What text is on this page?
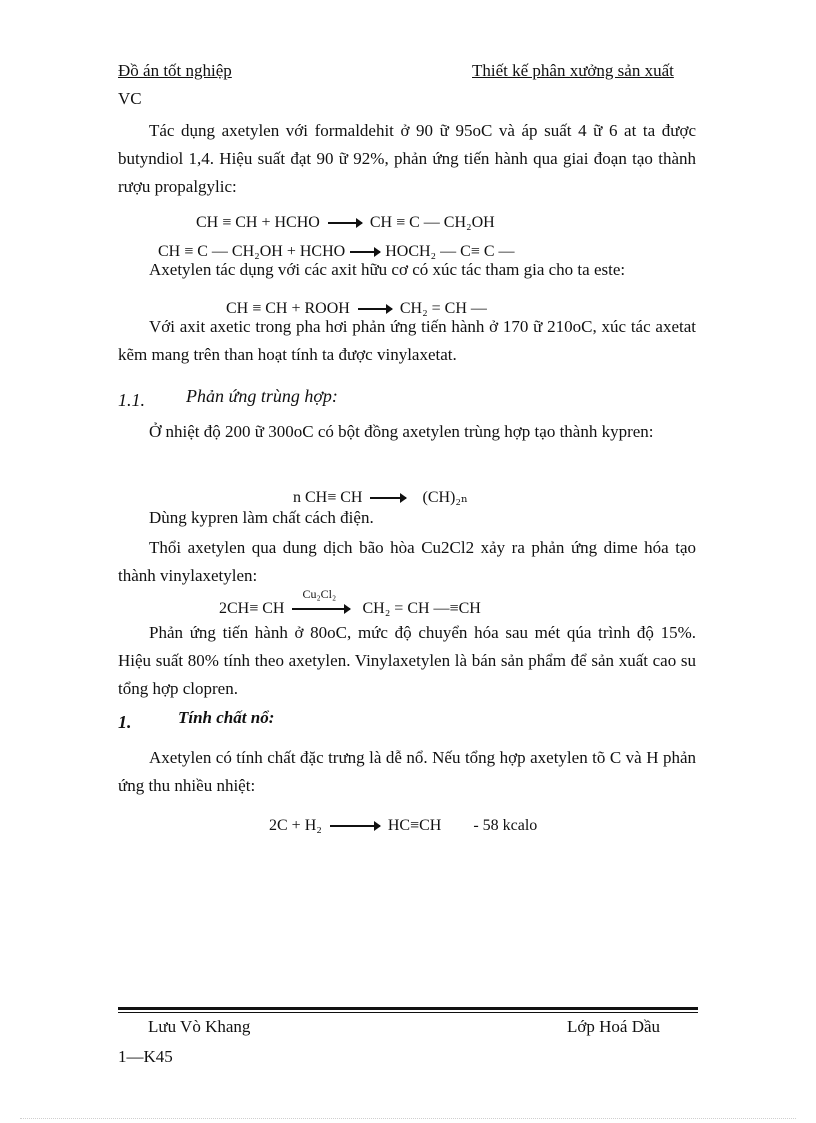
Đồ án tốt nghiệp	Thiết kế phân xưởng sản xuất
VC
Tác dụng axetylen với formaldehit ở 90 ữ 95oC và áp suất 4 ữ 6 at ta được butyndiol 1,4. Hiệu suất đạt 90 ữ 92%, phản ứng tiến hành qua giai đoạn tạo thành rượu propalgylic:
CH ≡ CH + HCHO → CH ≡ C — CH₂OH
CH ≡ C — CH₂OH + HCHO → HOCH₂ — C≡ C —
Axetylen tác dụng với các axit hữu cơ có xúc tác tham gia cho ta este:
CH ≡ CH + ROOH → CH₂ = CH —
Với axit axetic trong pha hơi phản ứng tiến hành ở 170 ữ 210oC, xúc tác axetat kẽm mang trên than hoạt tính ta được vinylaxetat.
1.1. Phản ứng trùng hợp:
Ở nhiệt độ 200 ữ 300oC có bột đồng axetylen trùng hợp tạo thành kypren:
n CH≡ CH → (CH)₂ₙ
Dùng kypren làm chất cách điện.
Thổi axetylen qua dung dịch bão hòa Cu2Cl2 xảy ra phản ứng dime hóa tạo thành vinylaxetylen:
2CH≡ CH
Cu₂Cl₂
CH₂ = CH —≡CH
Phản ứng tiến hành ở 80oC, mức độ chuyển hóa sau mét qúa trình độ 15%. Hiệu suất 80% tính theo axetylen. Vinylaxetylen là bán sản phẩm để sản xuất cao su tổng hợp clopren.
1.	Tính chất nổ:
Axetylen có tính chất đặc trưng là dễ nổ. Nếu tổng hợp axetylen tõ C và H phản ứng thu nhiều nhiệt:
2C + H₂ → HC≡CH - 58 kcalo
Lưu Vò Khang	Lớp Hoá Dầu
1—K45
